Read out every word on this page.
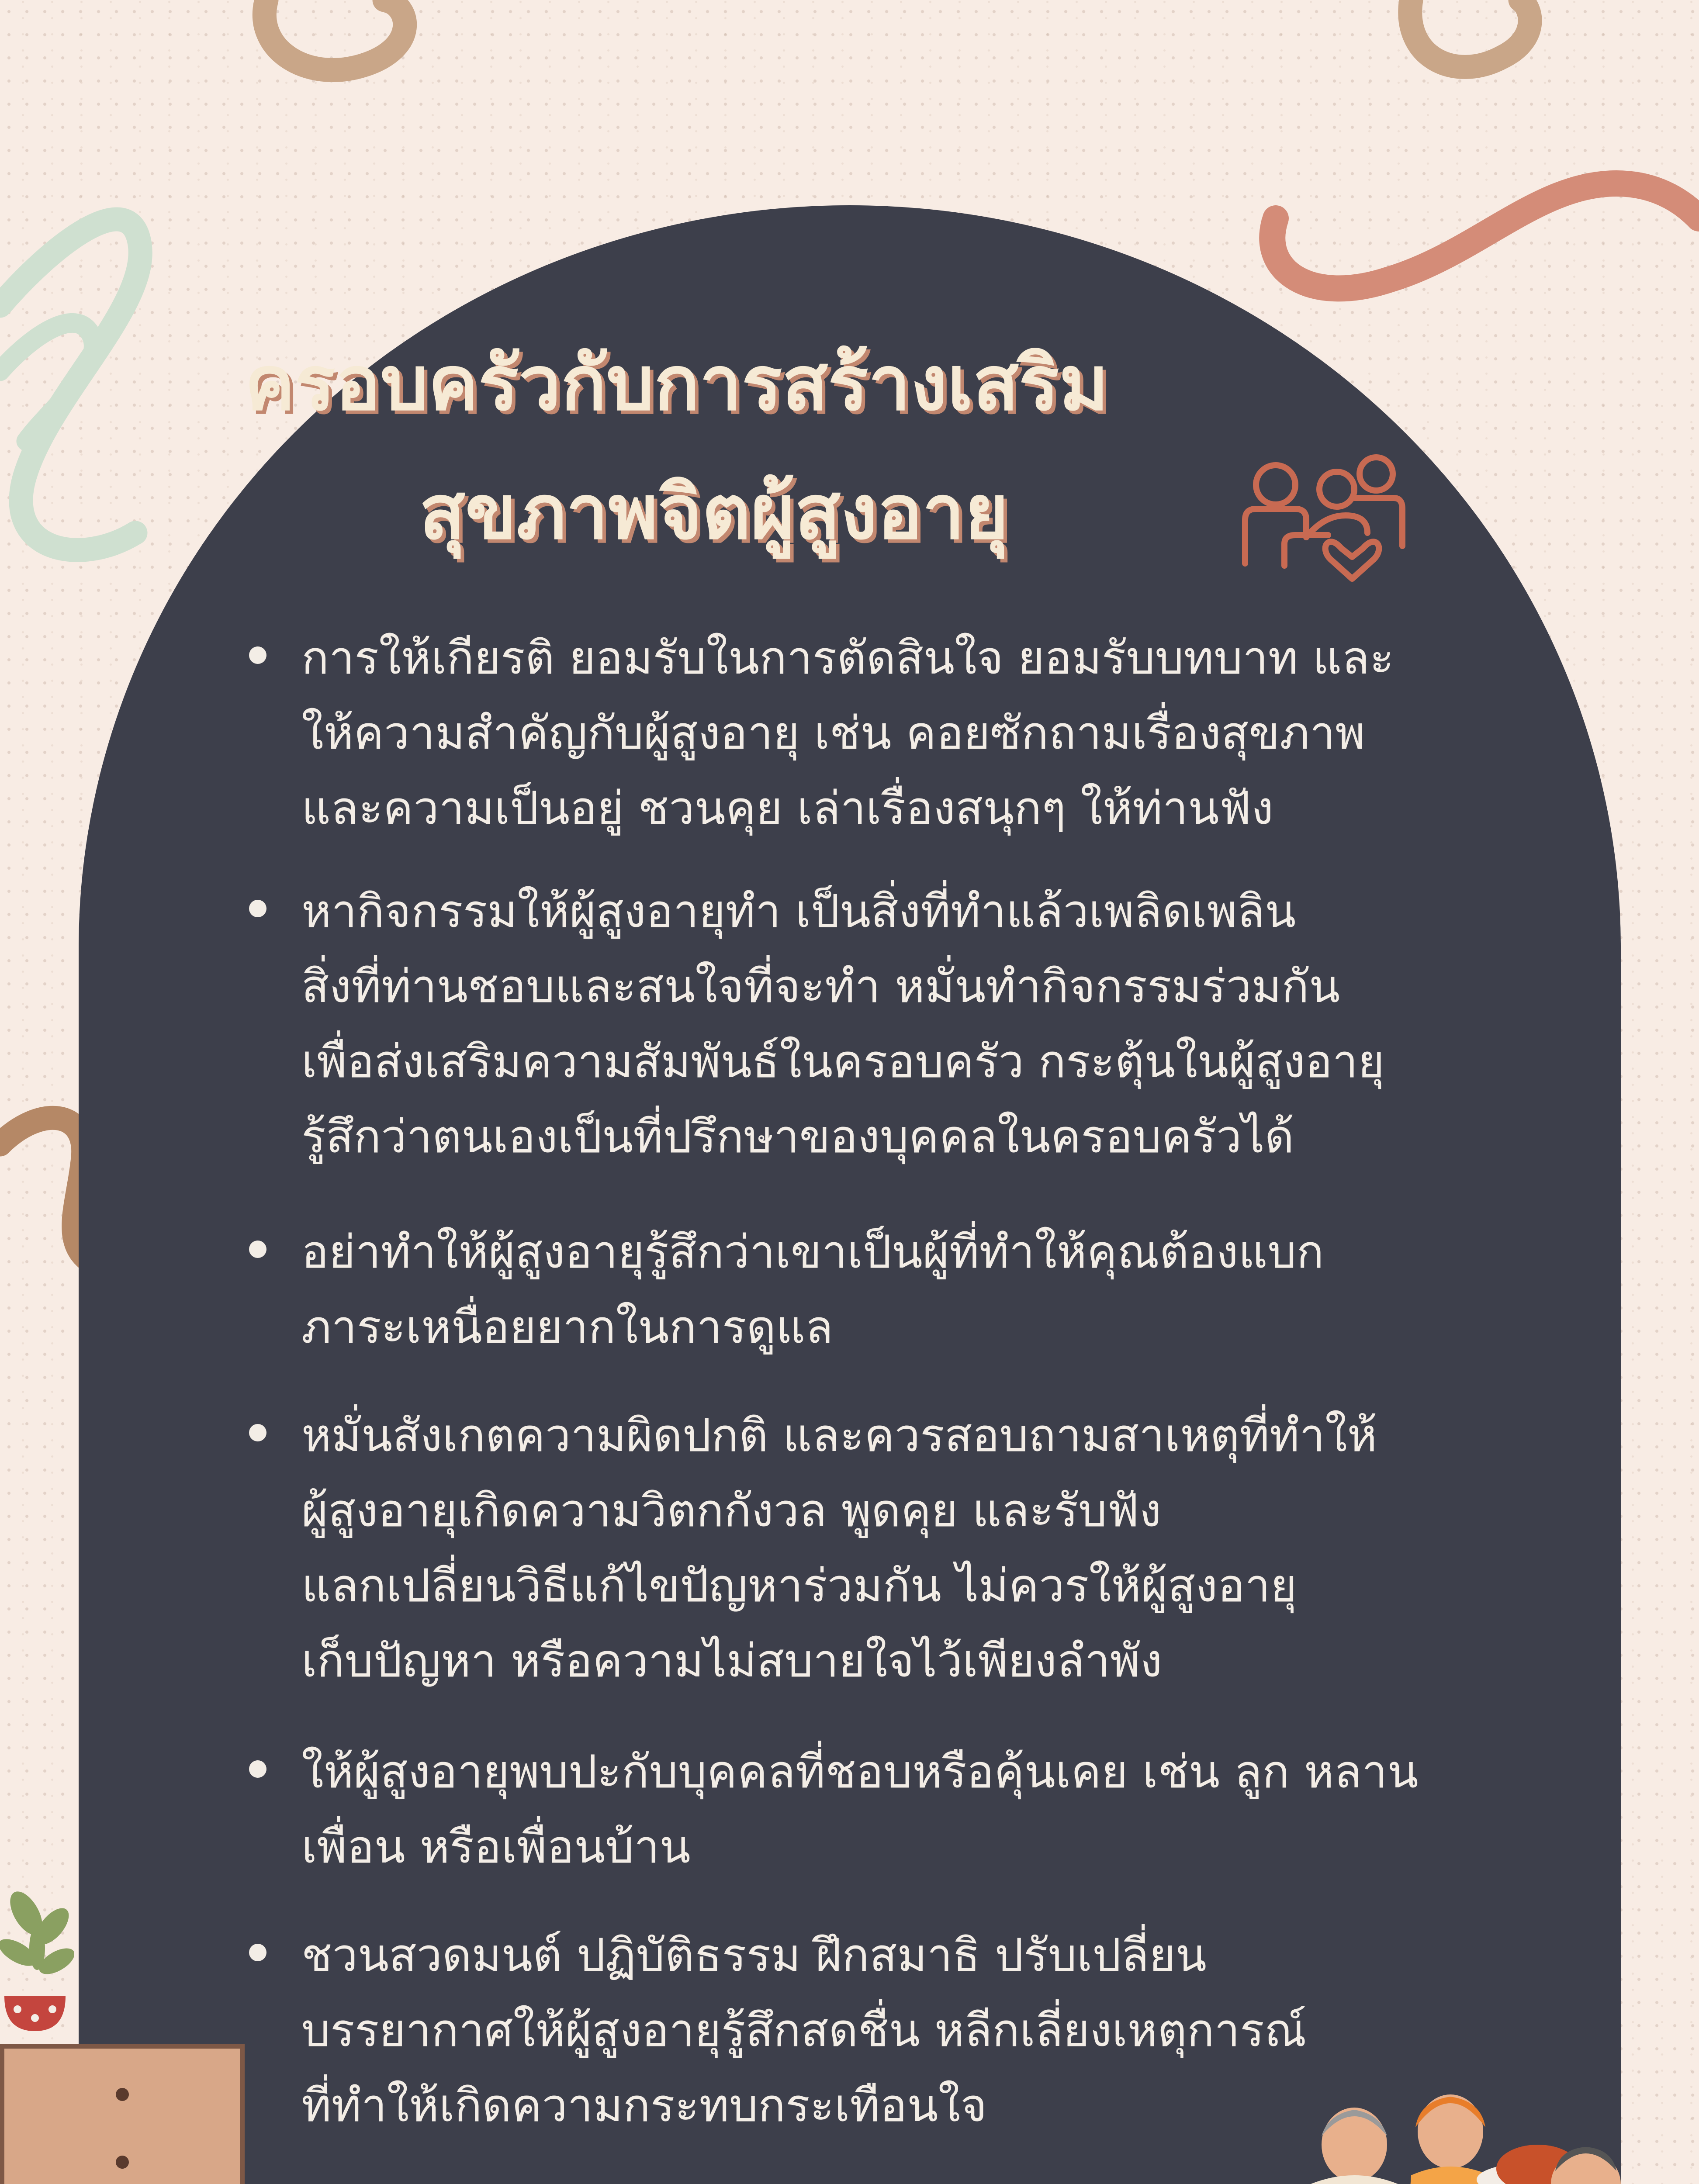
ครอบครัวกับการสร้างเสริม
สุขภาพจิตผู้สูงอายุ
การให้เกียรติ ยอมรับในการตัดสินใจ ยอมรับบทบาท และ
ให้ความสำคัญกับผู้สูงอายุ เช่น คอยซักถามเรื่องสุขภาพ
และความเป็นอยู่ ชวนคุย เล่าเรื่องสนุกๆ ให้ท่านฟัง
หากิจกรรมให้ผู้สูงอายุทำ เป็นสิ่งที่ทำแล้วเพลิดเพลิน
สิ่งที่ท่านชอบและสนใจที่จะทำ หมั่นทำกิจกรรมร่วมกัน
เพื่อส่งเสริมความสัมพันธ์ในครอบครัว กระตุ้นในผู้สูงอายุ
รู้สึกว่าตนเองเป็นที่ปรึกษาของบุคคลในครอบครัวได้
อย่าทำให้ผู้สูงอายุรู้สึกว่าเขาเป็นผู้ที่ทำให้คุณต้องแบก
ภาระเหนื่อยยากในการดูแล
หมั่นสังเกตความผิดปกติ และควรสอบถามสาเหตุที่ทำให้
ผู้สูงอายุเกิดความวิตกกังวล พูดคุย และรับฟัง
แลกเปลี่ยนวิธีแก้ไขปัญหาร่วมกัน ไม่ควรให้ผู้สูงอายุ
เก็บปัญหา หรือความไม่สบายใจไว้เพียงลำพัง
ให้ผู้สูงอายุพบปะกับบุคคลที่ชอบหรือคุ้นเคย เช่น ลูก หลาน
เพื่อน หรือเพื่อนบ้าน
ชวนสวดมนต์ ปฏิบัติธรรม ฝึกสมาธิ ปรับเปลี่ยน
บรรยากาศให้ผู้สูงอายุรู้สึกสดชื่น หลีกเลี่ยงเหตุการณ์
ที่ทำให้เกิดความกระทบกระเทือนใจ
